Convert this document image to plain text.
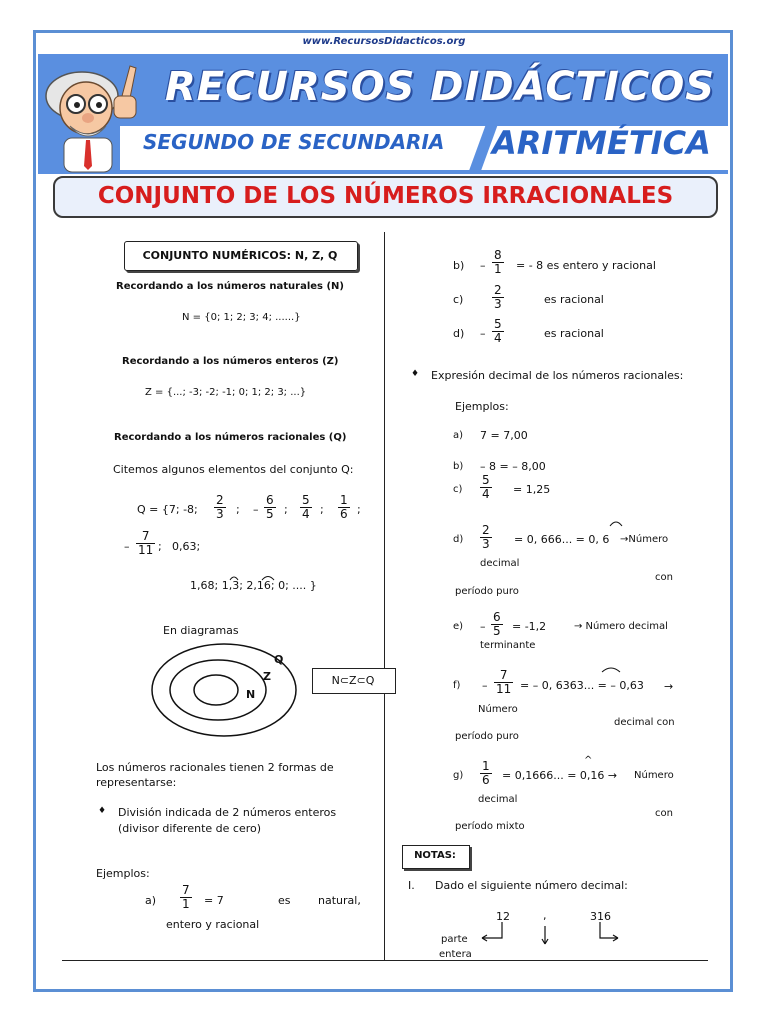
www.RecursosDidacticos.org
RECURSOS DIDÁCTICOS
SEGUNDO DE SECUNDARIA ARITMÉTICA
CONJUNTO DE LOS NÚMEROS IRRACIONALES
CONJUNTO NUMÉRICOS: N, Z, Q
Recordando a los números naturales (N)
N = {0; 1; 2; 3; 4; ......}
Recordando a los números enteros (Z)
Z = {...; -3; -2; -1; 0; 1; 2; 3; ...}
Recordando a los números racionales (Q)
Citemos algunos elementos del conjunto Q:
Q = {7; -8; $\frac{2}{3}$ ; – $\frac{6}{5}$ ; $\frac{5}{4}$ ; $\frac{1}{6}$ ;
– $\frac{7}{11}$ ; 0,63;
1,68; 1,3; 2,16; 0; .... }
En diagramas
Q
Z
N
N⊂Z⊂Q
Los números racionales tienen 2 formas de
representarse:
♦ División indicada de 2 números enteros
(divisor diferente de cero)
Ejemplos:
$a) \frac{7}{1} = 7$	es	natural,
entero y racional
$b) - \frac{8}{1}$ = - 8 es entero y racional
$c) \frac{2}{3}$	es racional
$d) - \frac{5}{4}$	es racional
♦ Expresión decimal de los números racionales:
Ejemplos:
a) 7 = 7,00
b) – 8 = – 8,00
$c) \frac{5}{4} = 1,25$
$d) \frac{2}{3} = 0$, 666... = 0, 6 →Número
decimal
con
período puro
$e) - \frac{6}{5} = -1,2$	→ Número decimal
terminante
$f) - \frac{7}{11}$ = – 0, 6363... = – 0,63 →
Número
decimal con
período puro
$g) \frac{1}{6} = 0,1666$... = 0,16 →
^
Número
decimal
con
período mixto
NOTAS:
I. Dado el siguiente número decimal:
12	,	316
parte
entera
